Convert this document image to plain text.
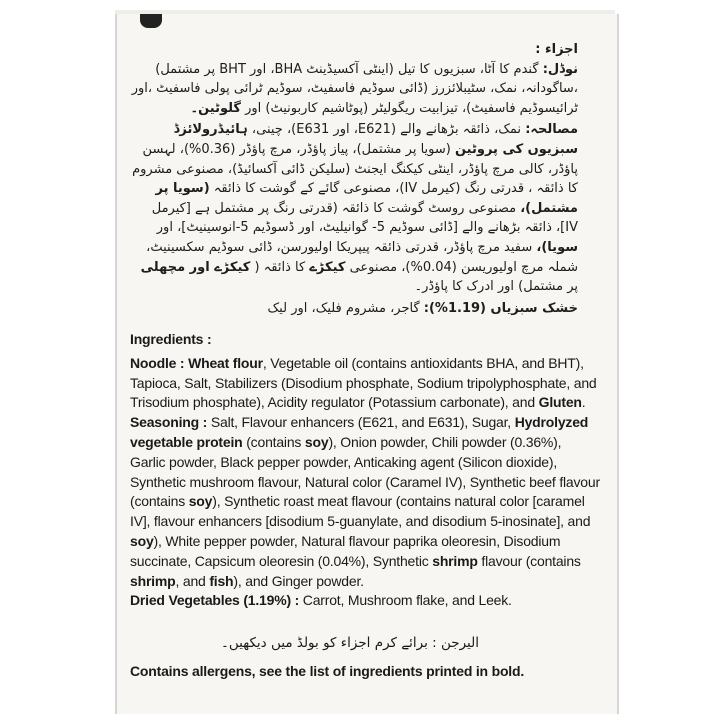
اجزاء :
نوڈل: گندم کا آٹا، سبزیوں کا تیل (اینٹی آکسیڈینٹ BHA، اور BHT پر مشتمل) ،ساگودانہ، نمک، سٹیبلائزرز (ڈائی سوڈیم فاسفیٹ، سوڈیم ٹرائی پولی فاسفیٹ ،اور ٹرائیسوڈیم فاسفیٹ)، تیزابیت ریگولیٹر (پوٹاشیم کاربونیٹ) اور گلوٹین۔
مصالحہ: نمک، ذائقہ بڑھانے والے (E621، اور E631)، چینی، ہائیڈرولائزڈ سبزیوں کی پروٹین (سویا پر مشتمل)، پیاز پاؤڈر، مرچ پاؤڈر (0.36%)، لہسن پاؤڈر، کالی مرچ پاؤڈر، اینٹی کیکنگ ایجنٹ (سلیکن ڈائی آکسائیڈ)، مصنوعی مشروم کا ذائقہ ، قدرتی رنگ (کیرمل IV)، مصنوعی گائے کے گوشت کا ذائقہ (سویا پر مشتمل)، مصنوعی روسٹ گوشت کا ذائقہ (قدرتی رنگ پر مشتمل ہے [کیرمل IV]، ذائقہ بڑھانے والے [ڈائی سوڈیم 5- گوانیلیٹ، اور ڈسوڈیم 5-انوسینیٹ]، اور سویا)، سفید مرچ پاؤڈر، قدرتی ذائقہ پیپریکا اولیورسن، ڈائی سوڈیم سکسینیٹ، شملہ مرچ اولیوریسن (0.04%)، مصنوعی کیکڑے کا ذائقہ ( کیکڑے اور مچھلی پر مشتمل) اور ادرک کا پاؤڈر۔
خشک سبزیاں (1.19%): گاجر، مشروم فلیک، اور لیک
Ingredients :
Noodle : Wheat flour, Vegetable oil (contains antioxidants BHA, and BHT), Tapioca, Salt, Stabilizers (Disodium phosphate, Sodium tripolyphosphate, and Trisodium phosphate), Acidity regulator (Potassium carbonate), and Gluten.
Seasoning : Salt, Flavour enhancers (E621, and E631), Sugar, Hydrolyzed vegetable protein (contains soy), Onion powder, Chili powder (0.36%), Garlic powder, Black pepper powder, Anticaking agent (Silicon dioxide), Synthetic mushroom flavour, Natural color (Caramel IV), Synthetic beef flavour (contains soy), Synthetic roast meat flavour (contains natural color [caramel IV], flavour enhancers [disodium 5-guanylate, and disodium 5-inosinate], and soy), White pepper powder, Natural flavour paprika oleoresin, Disodium succinate, Capsicum oleoresin (0.04%), Synthetic shrimp flavour (contains shrimp, and fish), and Ginger powder.
Dried Vegetables (1.19%) : Carrot, Mushroom flake, and Leek.
الیرجن : برائے کرم اجزاء کو بولڈ میں دیکھیں۔
Contains allergens, see the list of ingredients printed in bold.
